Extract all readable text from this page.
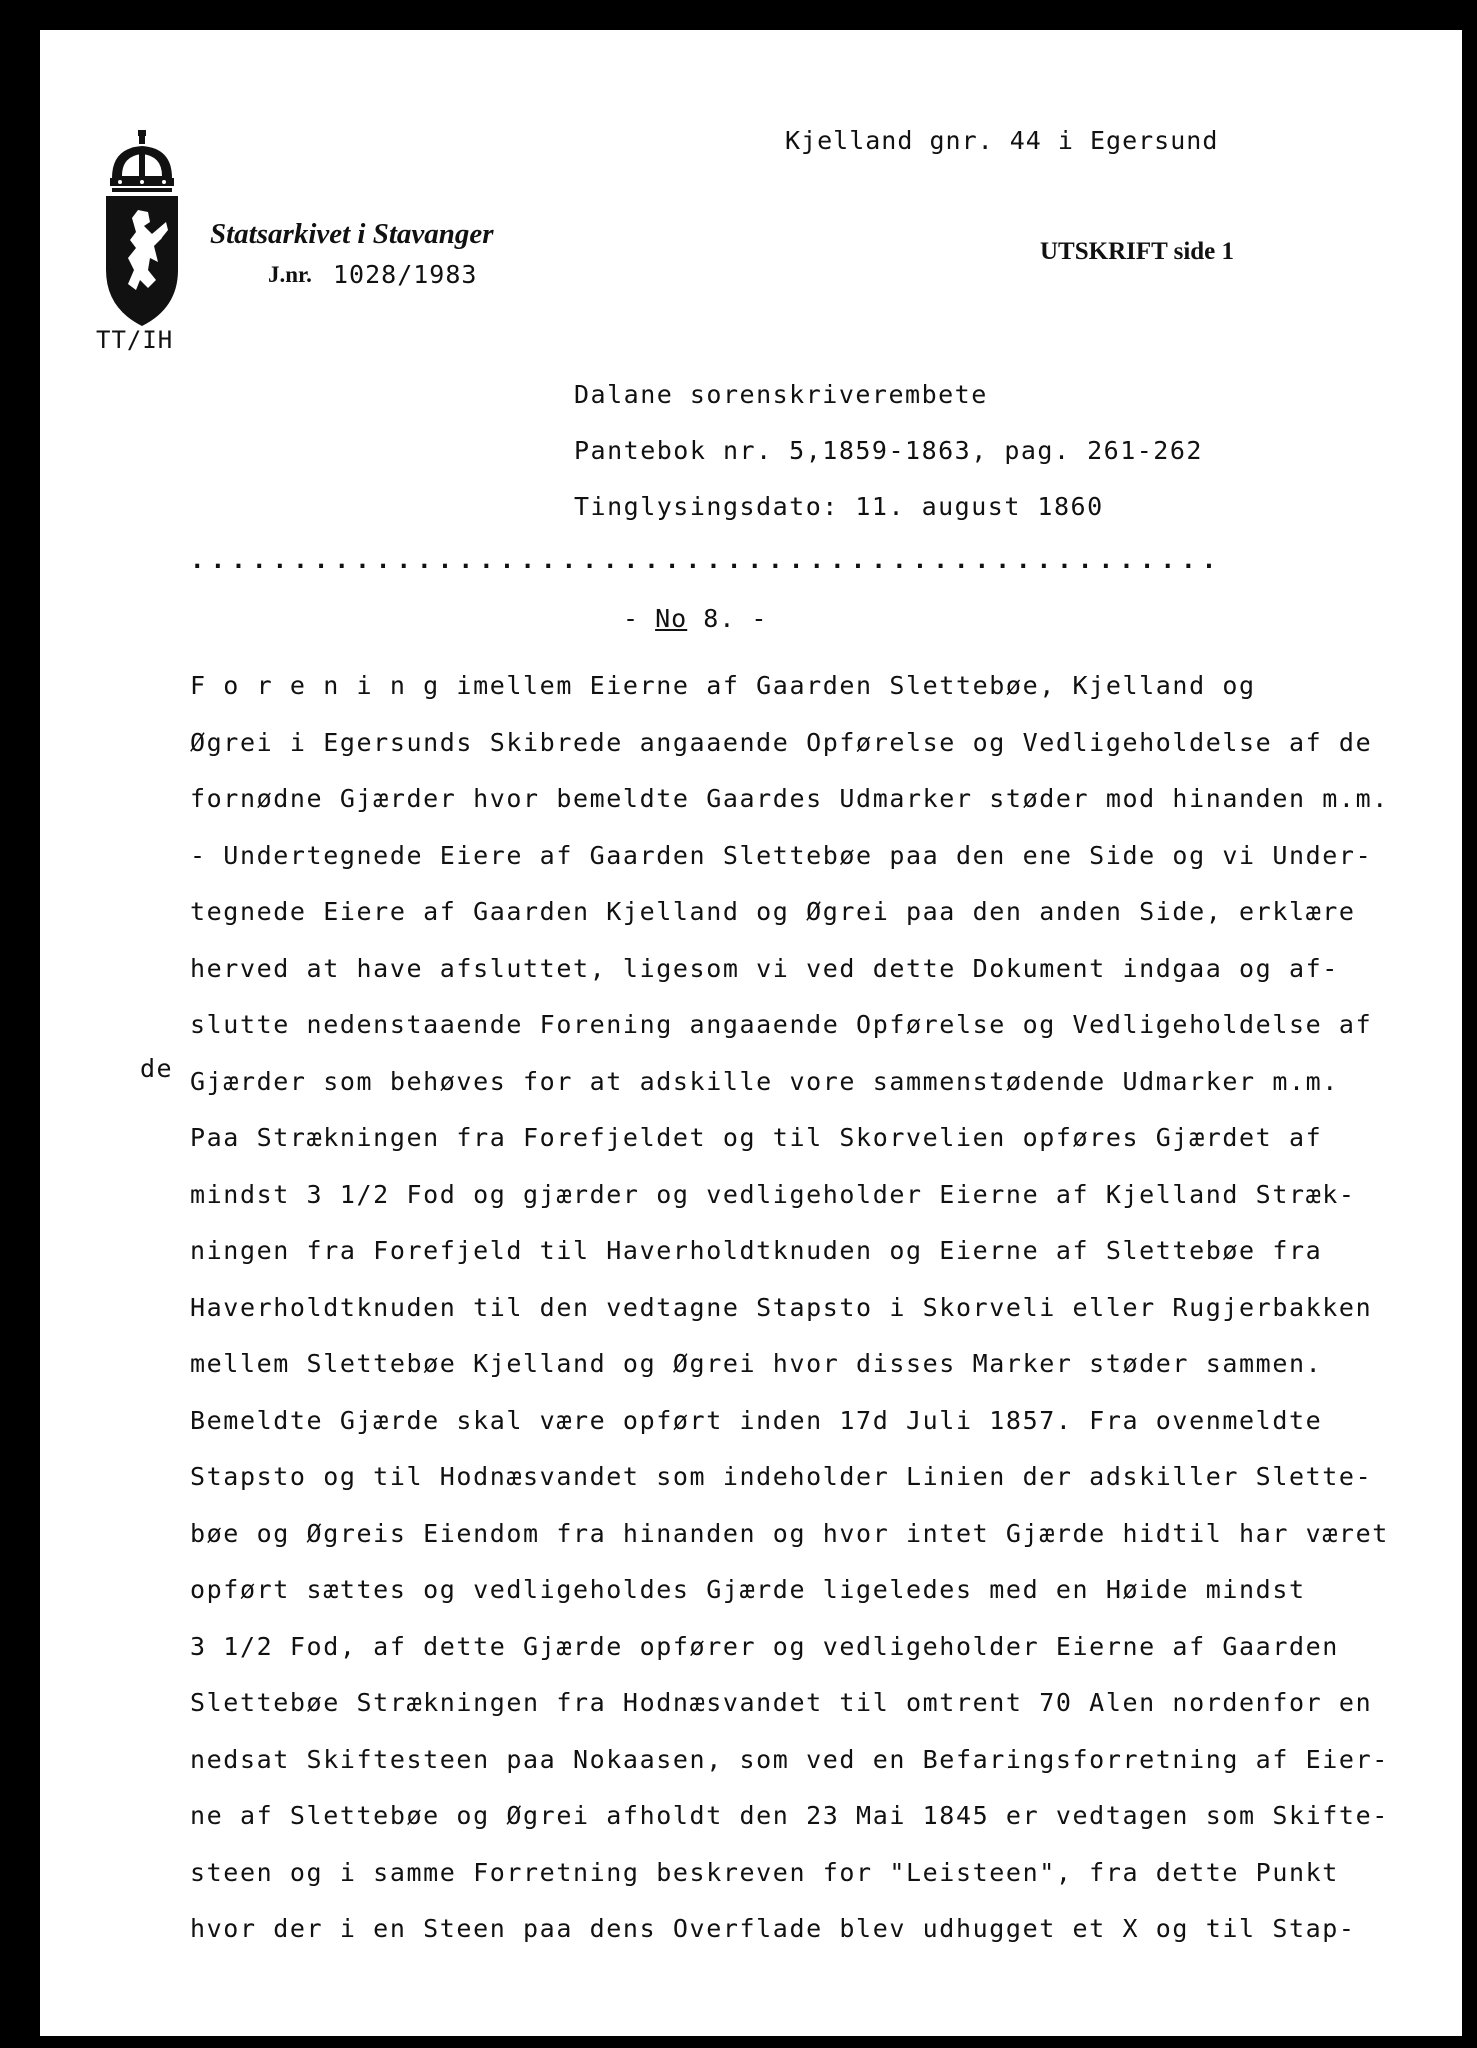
Kjelland gnr. 44 i Egersund
Statsarkivet i Stavanger
J.nr. 1028/1983
TT/IH
UTSKRIFT side 1
Dalane sorenskriverembete
Pantebok nr. 5,1859-1863, pag. 261-262
Tinglysingsdato: 11. august 1860
..................................................
- No 8. -
de
F o r e n i n g imellem Eierne af Gaarden Slettebøe, Kjelland og
Øgrei i Egersunds Skibrede angaaende Opførelse og Vedligeholdelse af de
fornødne Gjærder hvor bemeldte Gaardes Udmarker støder mod hinanden m.m.
- Undertegnede Eiere af Gaarden Slettebøe paa den ene Side og vi Under-
tegnede Eiere af Gaarden Kjelland og Øgrei paa den anden Side, erklære
herved at have afsluttet, ligesom vi ved dette Dokument indgaa og af-
slutte nedenstaaende Forening angaaende Opførelse og Vedligeholdelse af
Gjærder som behøves for at adskille vore sammenstødende Udmarker m.m.
Paa Strækningen fra Forefjeldet og til Skorvelien opføres Gjærdet af
mindst 3 1/2 Fod og gjærder og vedligeholder Eierne af Kjelland Stræk-
ningen fra Forefjeld til Haverholdtknuden og Eierne af Slettebøe fra
Haverholdtknuden til den vedtagne Stapsto i Skorveli eller Rugjerbakken
mellem Slettebøe Kjelland og Øgrei hvor disses Marker støder sammen.
Bemeldte Gjærde skal være opført inden 17d Juli 1857. Fra ovenmeldte
Stapsto og til Hodnæsvandet som indeholder Linien der adskiller Slette-
bøe og Øgreis Eiendom fra hinanden og hvor intet Gjærde hidtil har været
opført sættes og vedligeholdes Gjærde ligeledes med en Høide mindst
3 1/2 Fod, af dette Gjærde opfører og vedligeholder Eierne af Gaarden
Slettebøe Strækningen fra Hodnæsvandet til omtrent 70 Alen nordenfor en
nedsat Skiftesteen paa Nokaasen, som ved en Befaringsforretning af Eier-
ne af Slettebøe og Øgrei afholdt den 23 Mai 1845 er vedtagen som Skifte-
steen og i samme Forretning beskreven for "Leisteen", fra dette Punkt
hvor der i en Steen paa dens Overflade blev udhugget et X og til Stap-
